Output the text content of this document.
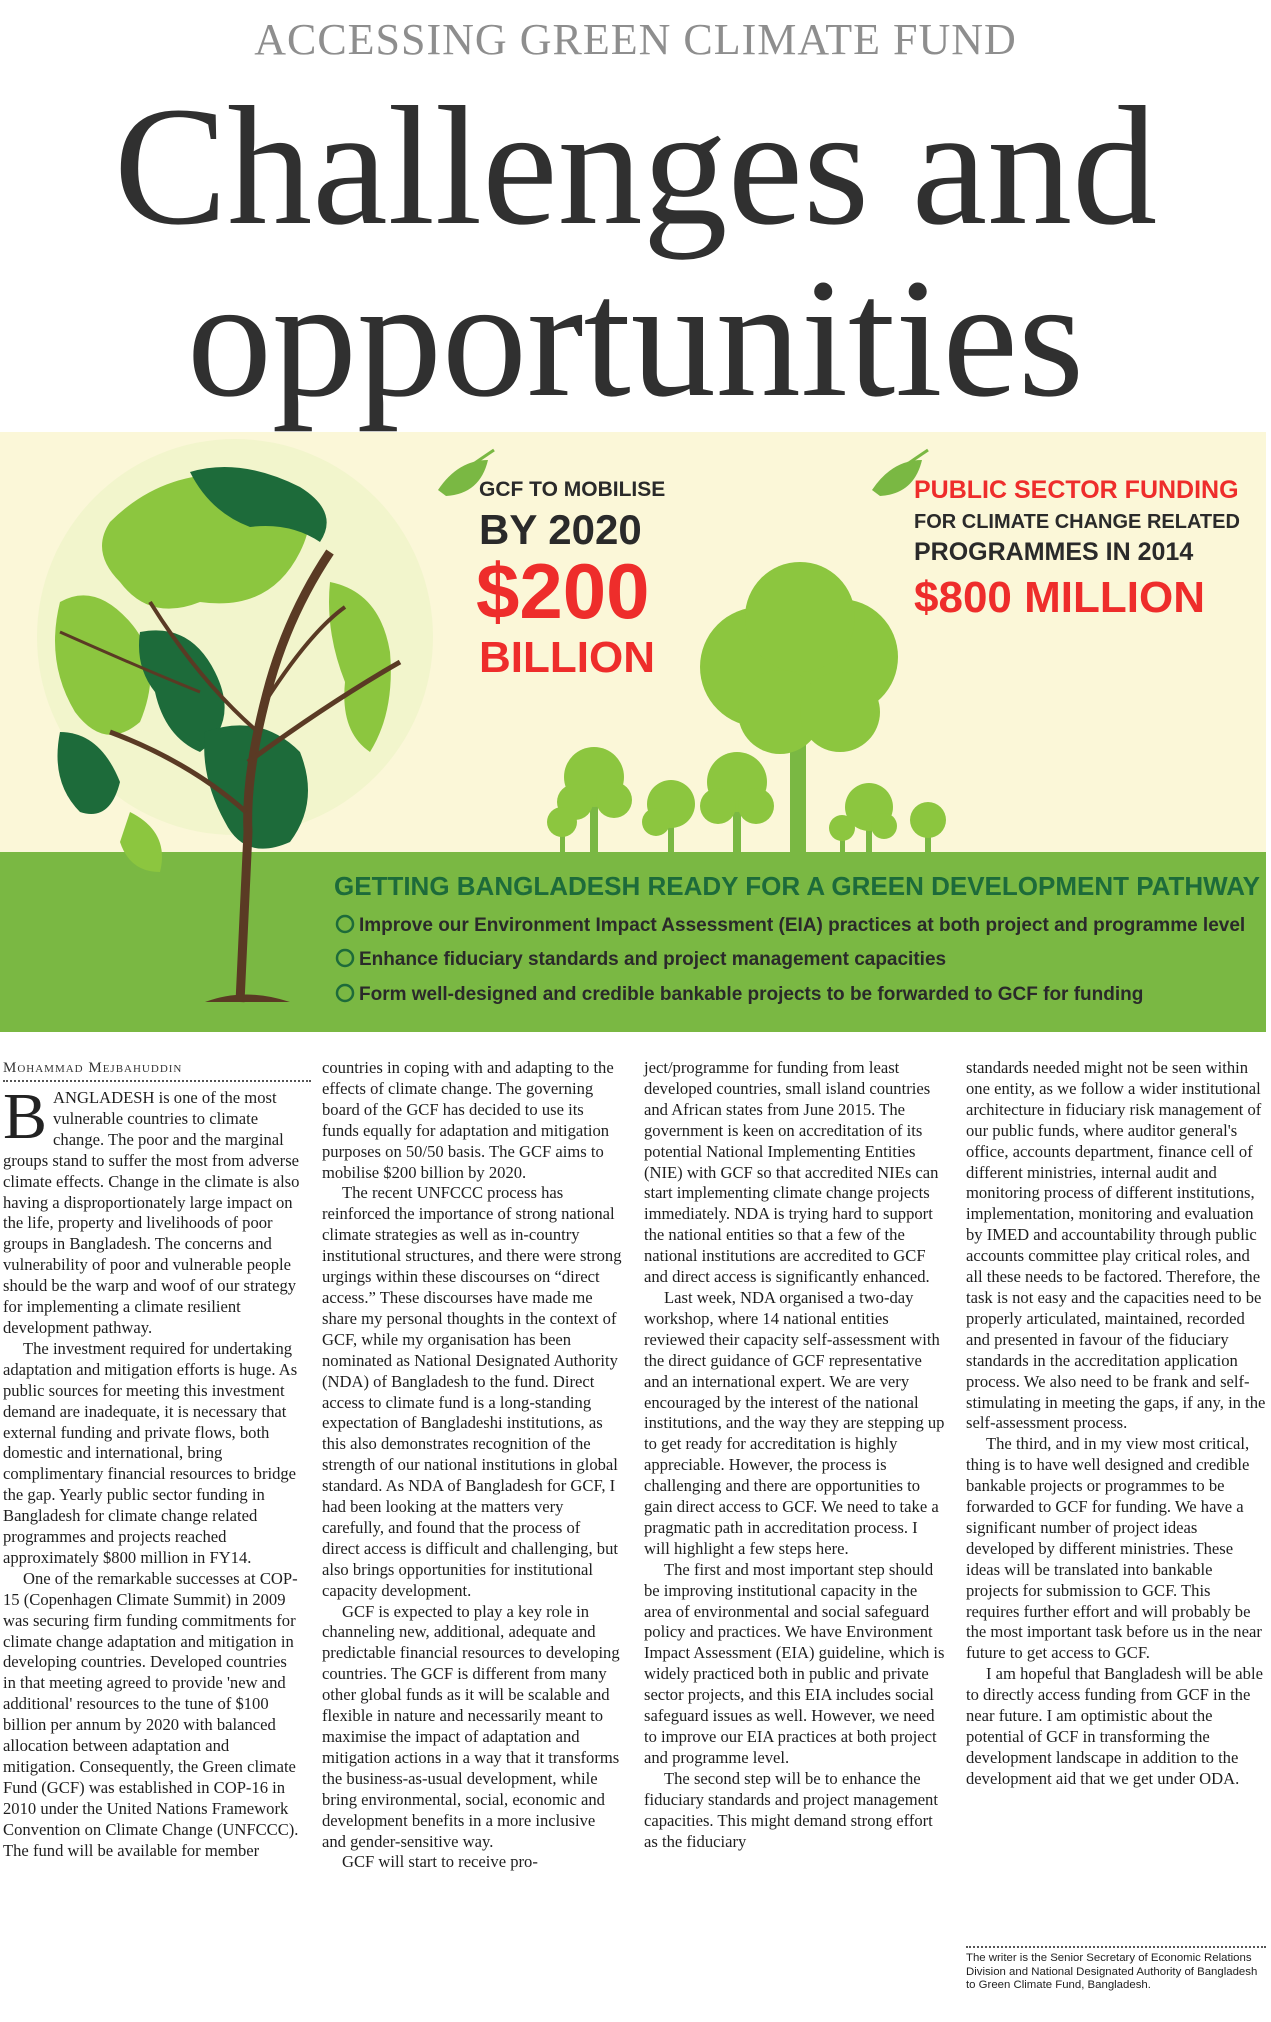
ACCESSING GREEN CLIMATE FUND
Challenges and
opportunities
GCF TO MOBILISE
BY 2020
$200
BILLION
PUBLIC SECTOR FUNDING
FOR CLIMATE CHANGE RELATED
PROGRAMMES IN 2014
$800 MILLION
GETTING BANGLADESH READY FOR A GREEN DEVELOPMENT PATHWAY
Improve our Environment Impact Assessment (EIA) practices at both project and programme level
Enhance fiduciary standards and project management capacities
Form well-designed and credible bankable projects to be forwarded to GCF for funding
Mohammad Mejbahuddin

BANGLADESH is one of the most vulnerable countries to climate change. The poor and the marginal groups stand to suffer the most from adverse climate effects. Change in the climate is also having a disproportionately large impact on the life, property and livelihoods of poor groups in Bangladesh. The concerns and vulnerability of poor and vulnerable people should be the warp and woof of our strategy for implementing a climate resilient development pathway.

The investment required for undertaking adaptation and mitigation efforts is huge. As public sources for meeting this investment demand are inadequate, it is necessary that external funding and private flows, both domestic and international, bring complimentary financial resources to bridge the gap. Yearly public sector funding in Bangladesh for climate change related programmes and projects reached approximately $800 million in FY14.

One of the remarkable successes at COP-15 (Copenhagen Climate Summit) in 2009 was securing firm funding commitments for climate change adaptation and mitigation in developing countries. Developed countries in that meeting agreed to provide 'new and additional' resources to the tune of $100 billion per annum by 2020 with balanced allocation between adaptation and mitigation. Consequently, the Green climate Fund (GCF) was established in COP-16 in 2010 under the United Nations Framework Convention on Climate Change (UNFCCC). The fund will be available for member

countries in coping with and adapting to the effects of climate change. The governing board of the GCF has decided to use its funds equally for adaptation and mitigation purposes on 50/50 basis. The GCF aims to mobilise $200 billion by 2020.

The recent UNFCCC process has reinforced the importance of strong national climate strategies as well as in-country institutional structures, and there were strong urgings within these discourses on “direct access.” These discourses have made me share my personal thoughts in the context of GCF, while my organisation has been nominated as National Designated Authority (NDA) of Bangladesh to the fund. Direct access to climate fund is a long-standing expectation of Bangladeshi institutions, as this also demonstrates recognition of the strength of our national institutions in global standard. As NDA of Bangladesh for GCF, I had been looking at the matters very carefully, and found that the process of direct access is difficult and challenging, but also brings opportunities for institutional capacity development.

GCF is expected to play a key role in channeling new, additional, adequate and predictable financial resources to developing countries. The GCF is different from many other global funds as it will be scalable and flexible in nature and necessarily meant to maximise the impact of adaptation and mitigation actions in a way that it transforms the business-as-usual development, while bring environmental, social, economic and development benefits in a more inclusive and gender-sensitive way.

GCF will start to receive pro-

ject/programme for funding from least developed countries, small island countries and African states from June 2015. The government is keen on accreditation of its potential National Implementing Entities (NIE) with GCF so that accredited NIEs can start implementing climate change projects immediately. NDA is trying hard to support the national entities so that a few of the national institutions are accredited to GCF and direct access is significantly enhanced.

Last week, NDA organised a two-day workshop, where 14 national entities reviewed their capacity self-assessment with the direct guidance of GCF representative and an international expert. We are very encouraged by the interest of the national institutions, and the way they are stepping up to get ready for accreditation is highly appreciable. However, the process is challenging and there are opportunities to gain direct access to GCF. We need to take a pragmatic path in accreditation process. I will highlight a few steps here.

The first and most important step should be improving institutional capacity in the area of environmental and social safeguard policy and practices. We have Environment Impact Assessment (EIA) guideline, which is widely practiced both in public and private sector projects, and this EIA includes social safeguard issues as well. However, we need to improve our EIA practices at both project and programme level.

The second step will be to enhance the fiduciary standards and project management capacities. This might demand strong effort as the fiduciary

standards needed might not be seen within one entity, as we follow a wider institutional architecture in fiduciary risk management of our public funds, where auditor general's office, accounts department, finance cell of different ministries, internal audit and monitoring process of different institutions, implementation, monitoring and evaluation by IMED and accountability through public accounts committee play critical roles, and all these needs to be factored. Therefore, the task is not easy and the capacities need to be properly articulated, maintained, recorded and presented in favour of the fiduciary standards in the accreditation application process. We also need to be frank and self-stimulating in meeting the gaps, if any, in the self-assessment process.

The third, and in my view most critical, thing is to have well designed and credible bankable projects or programmes to be forwarded to GCF for funding. We have a significant number of project ideas developed by different ministries. These ideas will be translated into bankable projects for submission to GCF. This requires further effort and will probably be the most important task before us in the near future to get access to GCF.

I am hopeful that Bangladesh will be able to directly access funding from GCF in the near future. I am optimistic about the potential of GCF in transforming the development landscape in addition to the development aid that we get under ODA.

The writer is the Senior Secretary of Economic Relations Division and National Designated Authority of Bangladesh to Green Climate Fund, Bangladesh.
